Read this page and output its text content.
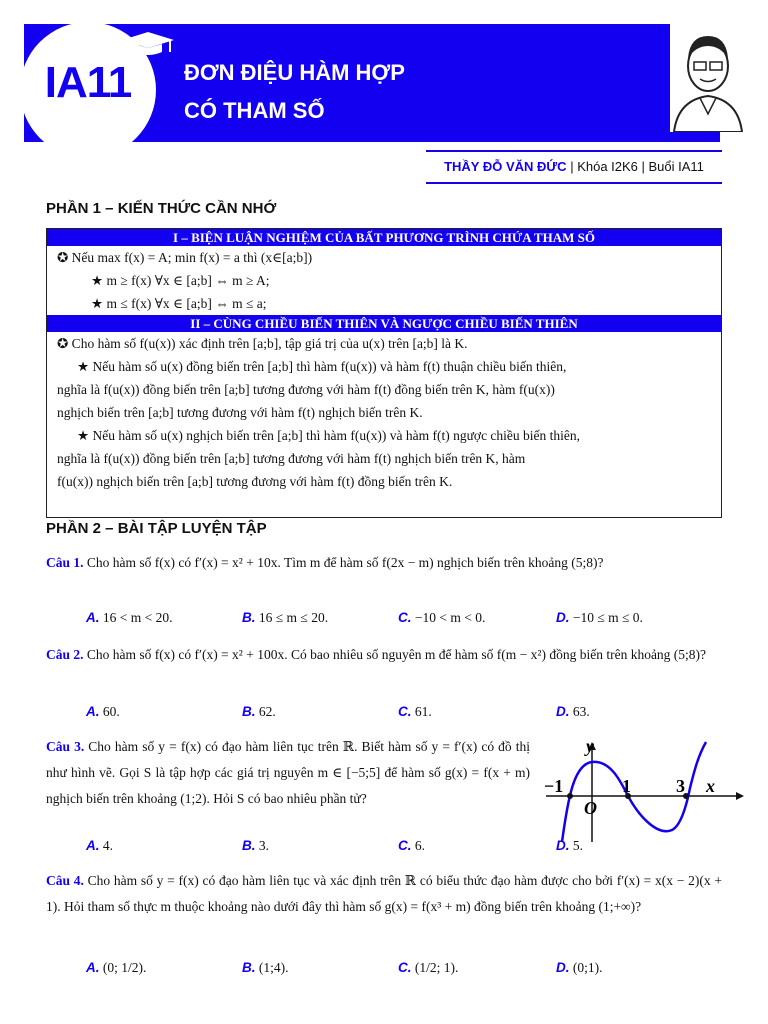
IA11	ĐƠN ĐIỆU HÀM HỢP
CÓ THAM SỐ
THẦY ĐỖ VĂN ĐỨC | Khóa I2K6 | Buổi IA11
PHẦN 1 – KIẾN THỨC CẦN NHỚ
I – BIỆN LUẬN NGHIỆM CỦA BẤT PHƯƠNG TRÌNH CHỨA THAM SỐ
✪ Nếu max f(x) = A; min f(x) = a thì (x∈[a;b])
★ m ≥ f(x) ∀x ∈ [a;b] ⇔ m ≥ A;
★ m ≤ f(x) ∀x ∈ [a;b] ⇔ m ≤ a;
II – CÙNG CHIỀU BIẾN THIÊN VÀ NGƯỢC CHIỀU BIẾN THIÊN
✪ Cho hàm số f(u(x)) xác định trên [a;b], tập giá trị của u(x) trên [a;b] là K.
★ Nếu hàm số u(x) đồng biến trên [a;b] thì hàm f(u(x)) và hàm f(t) thuận chiều biến thiên,
nghĩa là f(u(x)) đồng biến trên [a;b] tương đương với hàm f(t) đồng biến trên K, hàm f(u(x))
nghịch biến trên [a;b] tương đương với hàm f(t) nghịch biến trên K.
★ Nếu hàm số u(x) nghịch biến trên [a;b] thì hàm f(u(x)) và hàm f(t) ngược chiều biến thiên,
nghĩa là f(u(x)) đồng biến trên [a;b] tương đương với hàm f(t) nghịch biến trên K, hàm
f(u(x)) nghịch biến trên [a;b] tương đương với hàm f(t) đồng biến trên K.
PHẦN 2 – BÀI TẬP LUYỆN TẬP
Câu 1. Cho hàm số f(x) có f′(x) = x² + 10x. Tìm m để hàm số f(2x − m) nghịch biến trên khoảng (5;8)?
A. 16 < m < 20.	B. 16 ≤ m ≤ 20.	C. −10 < m < 0.	D. −10 ≤ m ≤ 0.
Câu 2. Cho hàm số f(x) có f′(x) = x² + 100x. Có bao nhiêu số nguyên m để hàm số f(m − x²) đồng biến trên khoảng (5;8)?
A. 60.	B. 62.	C. 61.	D. 63.
Câu 3. Cho hàm số y = f(x) có đạo hàm liên tục trên ℝ. Biết hàm số y = f′(x) có đồ thị như hình vẽ. Gọi S là tập hợp các giá trị nguyên m ∈ [−5;5] để hàm số g(x) = f(x + m) nghịch biến trên khoảng (1;2). Hỏi S có bao nhiêu phần tử?
−1	1	3 x
y
O
A. 4.	B. 3.	C. 6.	D. 5.
Câu 4. Cho hàm số y = f(x) có đạo hàm liên tục và xác định trên ℝ có biểu thức đạo hàm được cho bởi f′(x) = x(x − 2)(x + 1). Hỏi tham số thực m thuộc khoảng nào dưới đây thì hàm số g(x) = f(x³ + m) đồng biến trên khoảng (1;+∞)?
A. (0; 1/2).	B. (1;4).	C. (1/2; 1).	D. (0;1).
